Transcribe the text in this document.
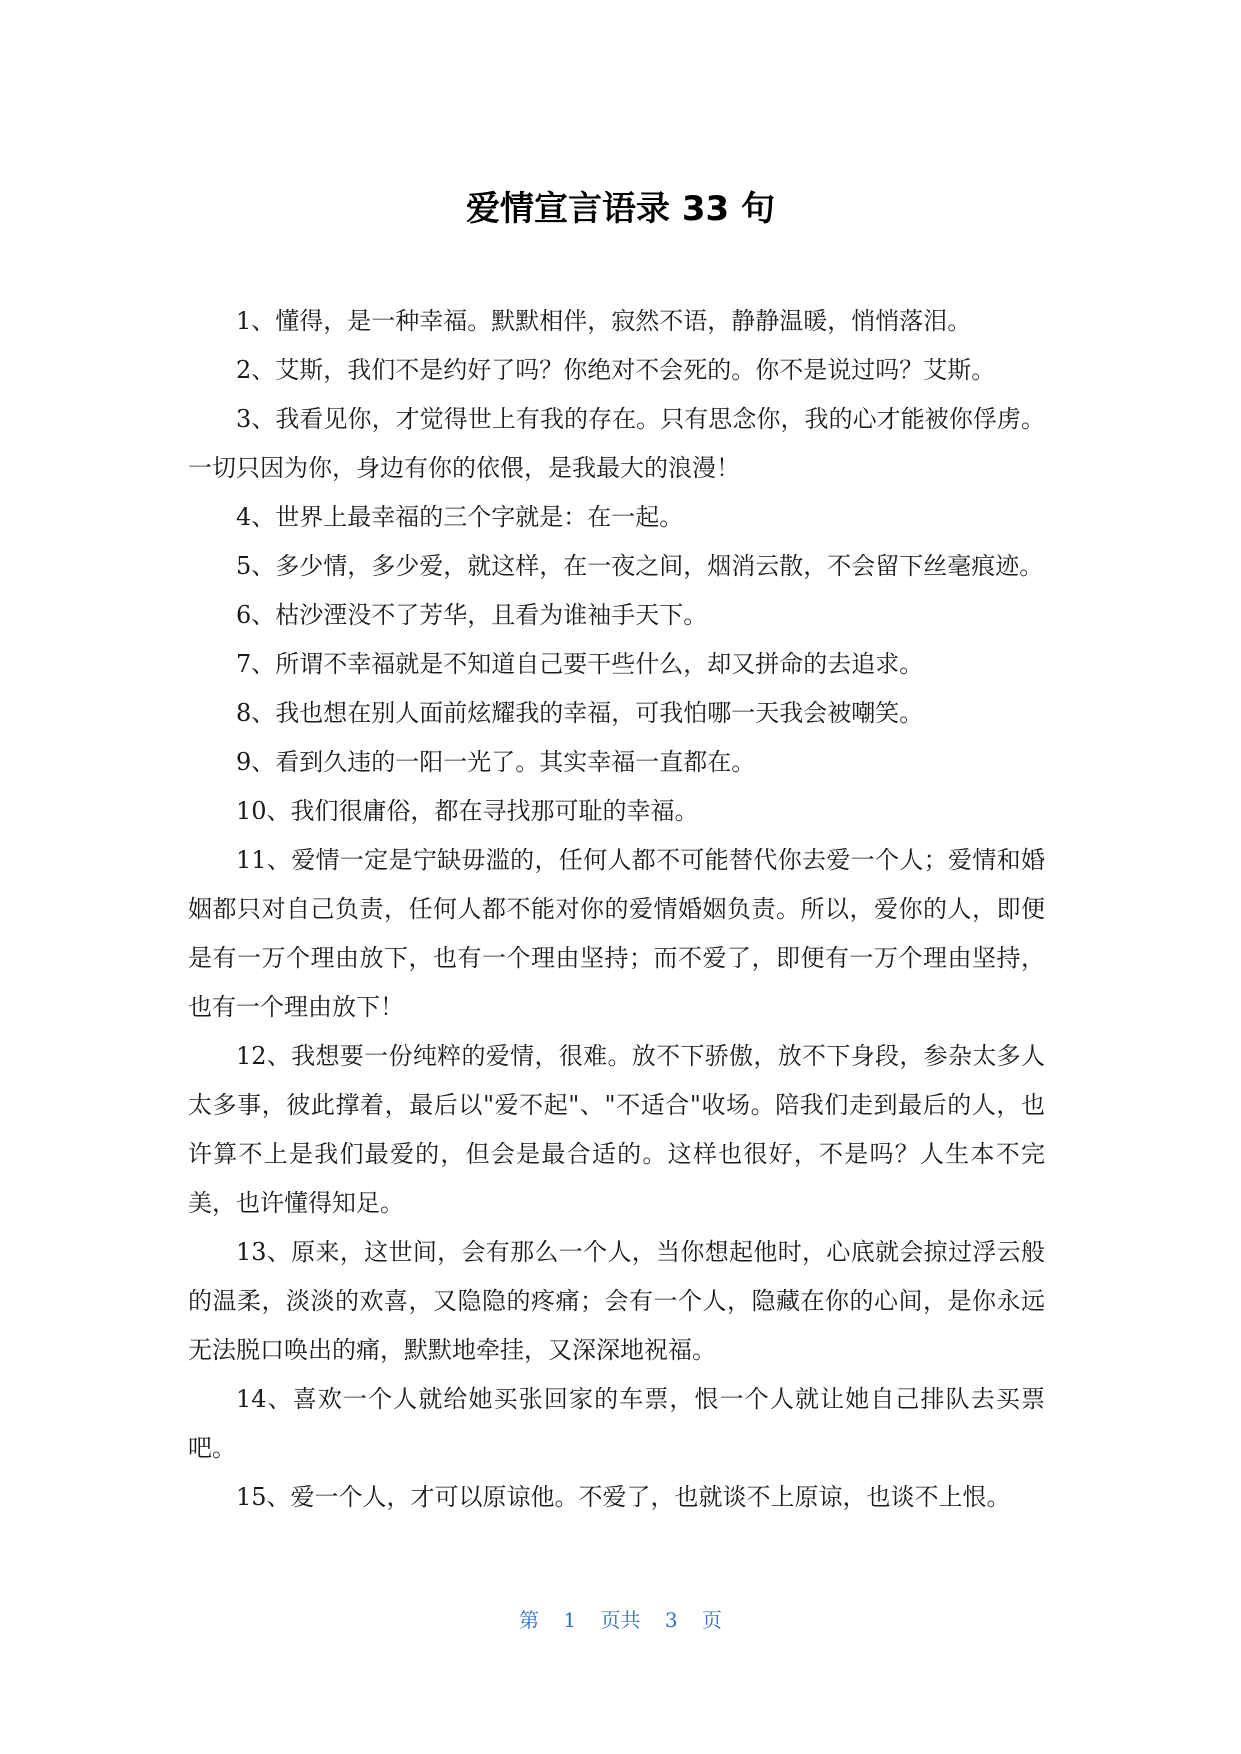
爱情宣言语录 33 句

1、懂得，是一种幸福。默默相伴，寂然不语，静静温暖，悄悄落泪。

2、艾斯，我们不是约好了吗？你绝对不会死的。你不是说过吗？艾斯。

3、我看见你，才觉得世上有我的存在。只有思念你，我的心才能被你俘虏。一切只因为你，身边有你的依偎，是我最大的浪漫！

4、世界上最幸福的三个字就是：在一起。

5、多少情，多少爱，就这样，在一夜之间，烟消云散，不会留下丝毫痕迹。

6、枯沙湮没不了芳华，且看为谁袖手天下。

7、所谓不幸福就是不知道自己要干些什么，却又拼命的去追求。

8、我也想在别人面前炫耀我的幸福，可我怕哪一天我会被嘲笑。

9、看到久违的一阳一光了。其实幸福一直都在。

10、我们很庸俗，都在寻找那可耻的幸福。

11、爱情一定是宁缺毋滥的，任何人都不可能替代你去爱一个人；爱情和婚姻都只对自己负责，任何人都不能对你的爱情婚姻负责。所以，爱你的人，即便是有一万个理由放下，也有一个理由坚持；而不爱了，即便有一万个理由坚持，也有一个理由放下！

12、我想要一份纯粹的爱情，很难。放不下骄傲，放不下身段，参杂太多人太多事，彼此撑着，最后以"爱不起"、"不适合"收场。陪我们走到最后的人，也许算不上是我们最爱的，但会是最合适的。这样也很好，不是吗？人生本不完美，也许懂得知足。

13、原来，这世间，会有那么一个人，当你想起他时，心底就会掠过浮云般的温柔，淡淡的欢喜，又隐隐的疼痛；会有一个人，隐藏在你的心间，是你永远无法脱口唤出的痛，默默地牵挂，又深深地祝福。

14、喜欢一个人就给她买张回家的车票，恨一个人就让她自己排队去买票吧。

15、爱一个人，才可以原谅他。不爱了，也就谈不上原谅，也谈不上恨。

第 1 页共 3 页
